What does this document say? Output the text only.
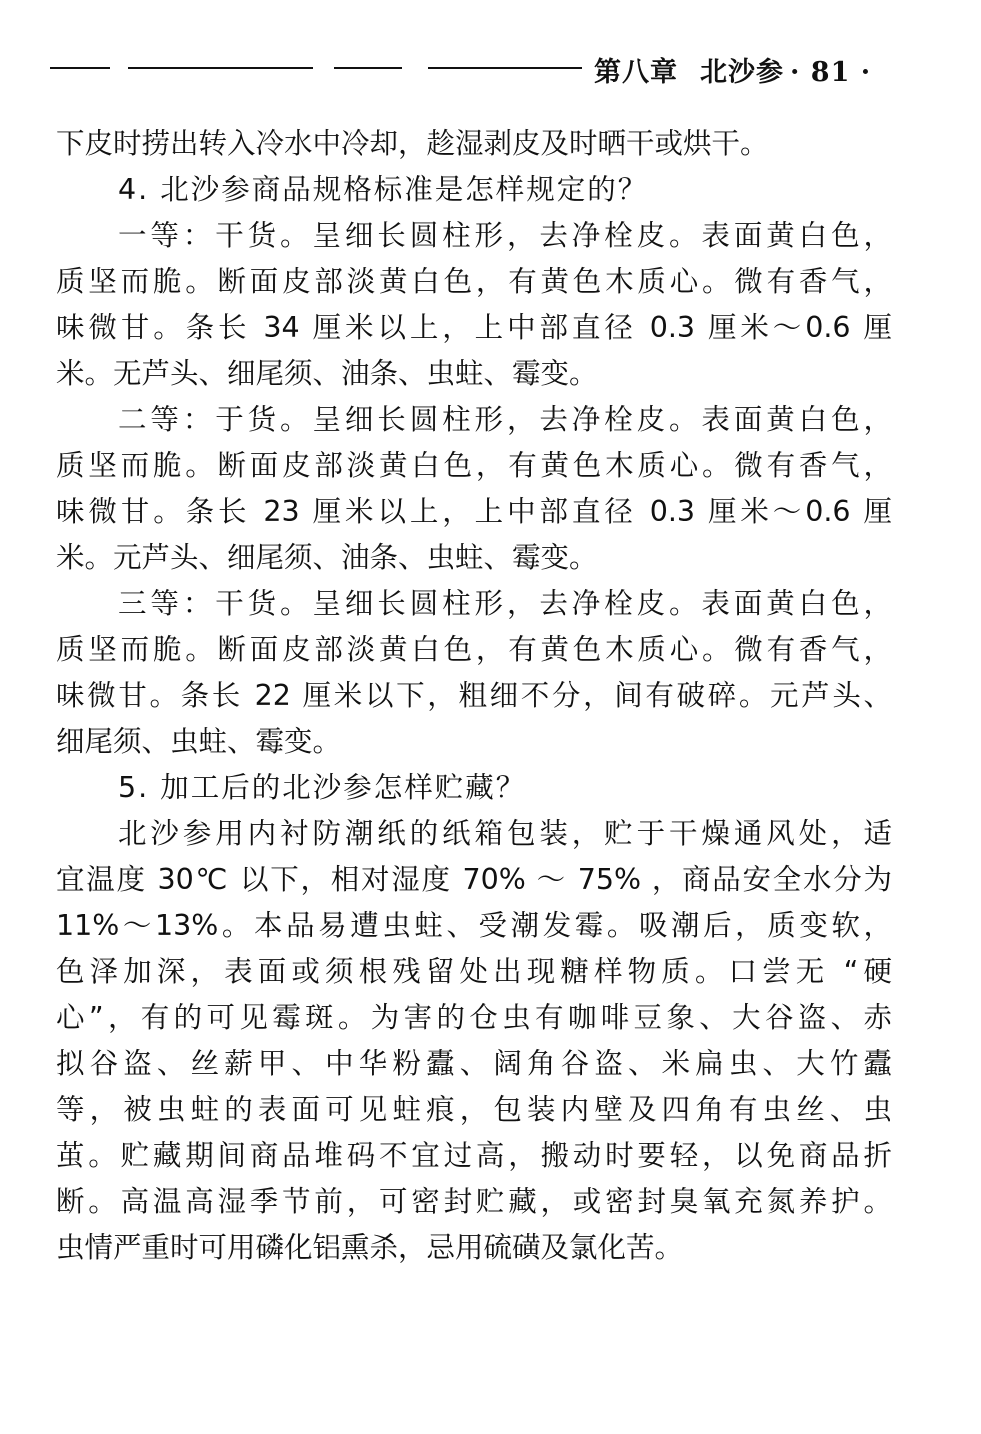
第八章 北沙参 · 81 ·
下皮时捞出转入冷水中冷却，趁湿剥皮及时晒干或烘干。
4. 北沙参商品规格标准是怎样规定的？
一等：干货。呈细长圆柱形，去净栓皮。表面黄白色，
质坚而脆。断面皮部淡黄白色，有黄色木质心。微有香气，
味微甘。条长 34 厘米以上，上中部直径 0.3 厘米～0.6 厘
米。无芦头、细尾须、油条、虫蛀、霉变。
二等：于货。呈细长圆柱形，去净栓皮。表面黄白色，
质坚而脆。断面皮部淡黄白色，有黄色木质心。微有香气，
味微甘。条长 23 厘米以上，上中部直径 0.3 厘米～0.6 厘
米。元芦头、细尾须、油条、虫蛀、霉变。
三等：干货。呈细长圆柱形，去净栓皮。表面黄白色，
质坚而脆。断面皮部淡黄白色，有黄色木质心。微有香气，
味微甘。条长 22 厘米以下，粗细不分，间有破碎。元芦头、
细尾须、虫蛀、霉变。
5. 加工后的北沙参怎样贮藏？
北沙参用内衬防潮纸的纸箱包装，贮于干燥通风处，适
宜温度 30℃ 以下，相对湿度 70% ～ 75% ，商品安全水分为
11%～13%。本品易遭虫蛀、受潮发霉。吸潮后，质变软，
色泽加深，表面或须根残留处出现糖样物质。口尝无 “硬
心”，有的可见霉斑。为害的仓虫有咖啡豆象、大谷盗、赤
拟谷盗、丝薪甲、中华粉蠹、阔角谷盗、米扁虫、大竹蠹
等，被虫蛀的表面可见蛀痕，包装内壁及四角有虫丝、虫
茧。贮藏期间商品堆码不宜过高，搬动时要轻，以免商品折
断。高温高湿季节前，可密封贮藏，或密封臭氧充氮养护。
虫情严重时可用磷化铝熏杀，忌用硫磺及氯化苦。
